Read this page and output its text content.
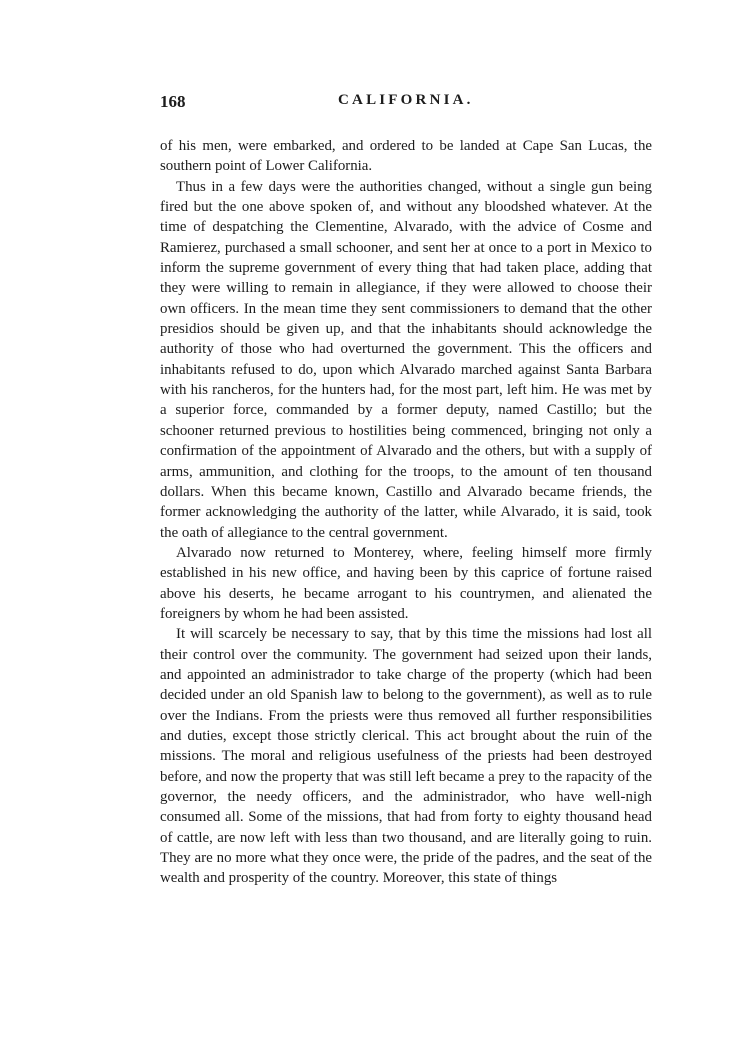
168	CALIFORNIA.

of his men, were embarked, and ordered to be landed at Cape San Lucas, the southern point of Lower California.

Thus in a few days were the authorities changed, without a single gun being fired but the one above spoken of, and without any bloodshed whatever. At the time of despatching the Clementine, Alvarado, with the advice of Cosme and Ramierez, purchased a small schooner, and sent her at once to a port in Mexico to inform the supreme government of every thing that had taken place, adding that they were willing to remain in allegiance, if they were allowed to choose their own officers. In the mean time they sent commissioners to demand that the other presidios should be given up, and that the inhabitants should acknowledge the authority of those who had overturned the government. This the officers and inhabitants refused to do, upon which Alvarado marched against Santa Barbara with his rancheros, for the hunters had, for the most part, left him. He was met by a superior force, commanded by a former deputy, named Castillo; but the schooner returned previous to hostilities being commenced, bringing not only a confirmation of the appointment of Alvarado and the others, but with a supply of arms, ammunition, and clothing for the troops, to the amount of ten thousand dollars. When this became known, Castillo and Alvarado became friends, the former acknowledging the authority of the latter, while Alvarado, it is said, took the oath of allegiance to the central government.

Alvarado now returned to Monterey, where, feeling himself more firmly established in his new office, and having been by this caprice of fortune raised above his deserts, he became arrogant to his countrymen, and alienated the foreigners by whom he had been assisted.

It will scarcely be necessary to say, that by this time the missions had lost all their control over the community. The government had seized upon their lands, and appointed an administrador to take charge of the property (which had been decided under an old Spanish law to belong to the government), as well as to rule over the Indians. From the priests were thus removed all further responsibilities and duties, except those strictly clerical. This act brought about the ruin of the missions. The moral and religious usefulness of the priests had been destroyed before, and now the property that was still left became a prey to the rapacity of the governor, the needy officers, and the administrador, who have well-nigh consumed all. Some of the missions, that had from forty to eighty thousand head of cattle, are now left with less than two thousand, and are literally going to ruin. They are no more what they once were, the pride of the padres, and the seat of the wealth and prosperity of the country. Moreover, this state of things
